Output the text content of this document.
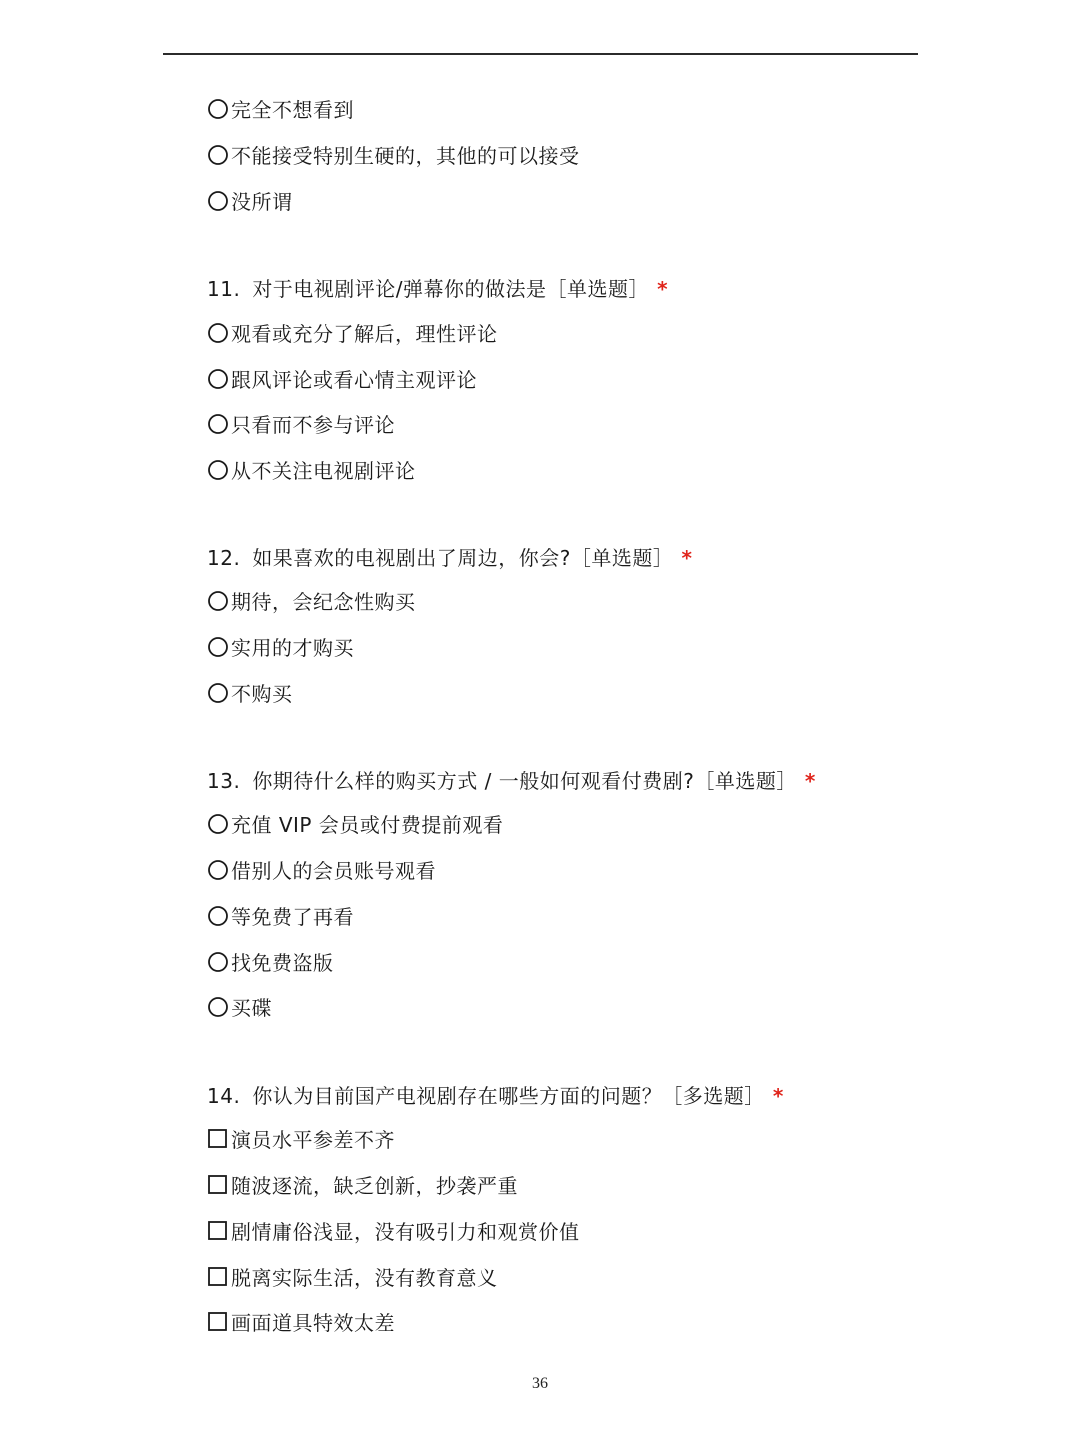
完全不想看到
不能接受特别生硬的，其他的可以接受
没所谓
11. 对于电视剧评论/弹幕你的做法是［单选题］ *
观看或充分了解后，理性评论
跟风评论或看心情主观评论
只看而不参与评论
从不关注电视剧评论
12. 如果喜欢的电视剧出了周边，你会?［单选题］ *
期待，会纪念性购买
实用的才购买
不购买
13. 你期待什么样的购买方式 / 一般如何观看付费剧?［单选题］ *
充值 VIP 会员或付费提前观看
借别人的会员账号观看
等免费了再看
找免费盗版
买碟
14. 你认为目前国产电视剧存在哪些方面的问题？［多选题］ *
演员水平参差不齐
随波逐流，缺乏创新，抄袭严重
剧情庸俗浅显，没有吸引力和观赏价值
脱离实际生活，没有教育意义
画面道具特效太差
36
